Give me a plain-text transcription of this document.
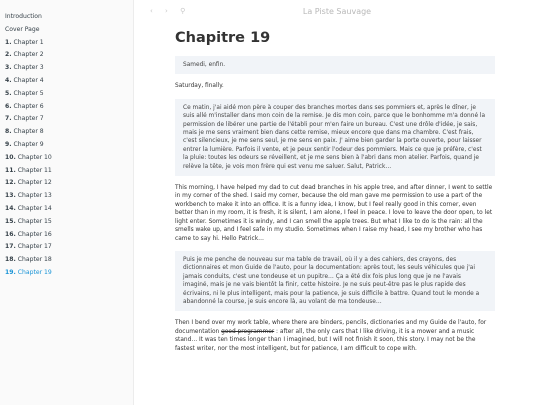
Introduction
Cover Page
1. Chapter 1
2. Chapter 2
3. Chapter 3
4. Chapter 4
5. Chapter 5
6. Chapter 6
7. Chapter 7
8. Chapter 8
9. Chapter 9
10. Chapter 10
11. Chapter 11
12. Chapter 12
13. Chapter 13
14. Chapter 14
15. Chapter 15
16. Chapter 16
17. Chapter 17
18. Chapter 18
19. Chapter 19
‹ › ⚲	La Piste Sauvage
Chapitre 19
Samedi, enfin.

Saturday, finally.

Ce matin, j'ai aidé mon père à couper des branches mortes dans ses pommiers et, après le dîner, je suis allé m'installer dans mon coin de la remise. Je dis mon coin, parce que le bonhomme m'a donné la permission de libérer une partie de l'établi pour m'en faire un bureau. C'est une drôle d'idée, je sais, mais je me sens vraiment bien dans cette remise, mieux encore que dans ma chambre. C'est frais, c'est silencieux, je me sens seul, je me sens en paix. J' aime bien garder la porte ouverte, pour laisser entrer la lumière. Parfois il vente, et je peux sentir l'odeur des pommiers. Mais ce que je préfère, c'est la pluie: toutes les odeurs se réveillent, et je me sens bien à l'abri dans mon atelier. Parfois, quand je relève la tête, je vois mon frère qui est venu me saluer. Salut, Patrick…

This morning, I have helped my dad to cut dead branches in his apple tree, and after dinner, I went to settle in my corner of the shed. I said my corner, because the old man gave me permission to use a part of the workbench to make it into an office. It is a funny idea, I know, but I feel really good in this corner, even better than in my room, it is fresh, it is silent, I am alone, I feel in peace. I love to leave the door open, to let light enter. Sometimes it is windy, and I can smell the apple trees. But what I like to do is the rain: all the smells wake up, and I feel safe in my studio. Sometimes when I raise my head, I see my brother who has came to say hi. Hello Patrick…

Puis je me penche de nouveau sur ma table de travail, où il y a des cahiers, des crayons, des dictionnaires et mon Guide de l'auto, pour la documentation: après tout, les seuls véhicules que j'ai jamais conduits, c'est une tondeuse et un pupitre… Ça a été dix fois plus long que je ne l'avais imaginé, mais je ne vais bientôt la finir, cette histoire. Je ne suis peut-être pas le plus rapide des écrivains, ni le plus intelligent, mais pour la patience, je suis difficile à battre. Quand tout le monde a abandonné la course, je suis encore là, au volant de ma tondeuse…

Then I bend over my work table, where there are binders, pencils, dictionaries and my Guide de l'auto, for documentation good programmer : after all, the only cars that I like driving, it is a mower and a music stand… It was ten times longer than I imagined, but I will not finish it soon, this story. I may not be the fastest writer, nor the most intelligent, but for patience, I am difficult to cope with.
